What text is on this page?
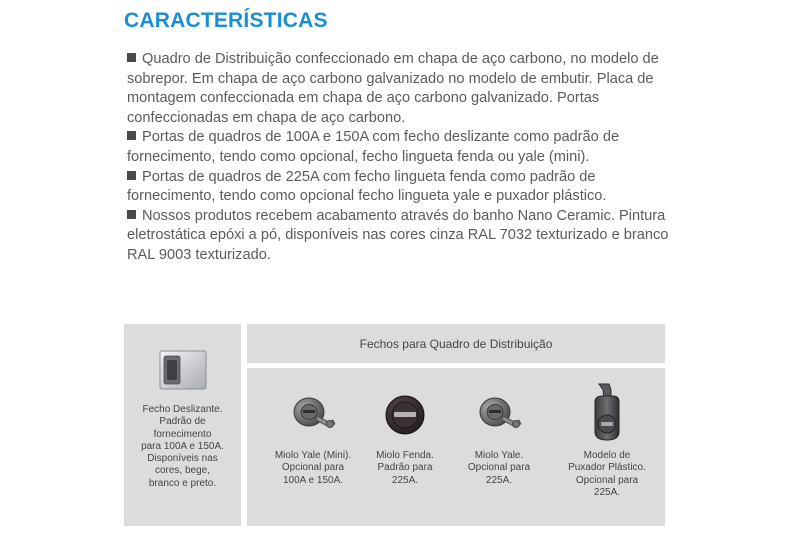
CARACTERÍSTICAS

Quadro de Distribuição confeccionado em chapa de aço carbono, no modelo de sobrepor. Em chapa de aço carbono galvanizado no modelo de embutir. Placa de montagem confeccionada em chapa de aço carbono galvanizado. Portas confeccionadas em chapa de aço carbono.

Portas de quadros de 100A e 150A com fecho deslizante como padrão de fornecimento, tendo como opcional, fecho lingueta fenda ou yale (mini).

Portas de quadros de 225A com fecho lingueta fenda como padrão de fornecimento, tendo como opcional fecho lingueta yale e puxador plástico.

Nossos produtos recebem acabamento através do banho Nano Ceramic. Pintura eletrostática epóxi a pó, disponíveis nas cores cinza RAL 7032 texturizado e branco RAL 9003 texturizado.

Fecho Deslizante.
Padrão de
fornecimento
para 100A e 150A.
Disponíveis nas
cores, bege,
branco e preto.
Fechos para Quadro de Distribuição
Miolo Yale (Mini).
Opcional para
100A e 150A.
Miolo Fenda.
Padrão para
225A.
Miolo Yale.
Opcional para
225A.
Modelo de
Puxador Plástico.
Opcional para
225A.
